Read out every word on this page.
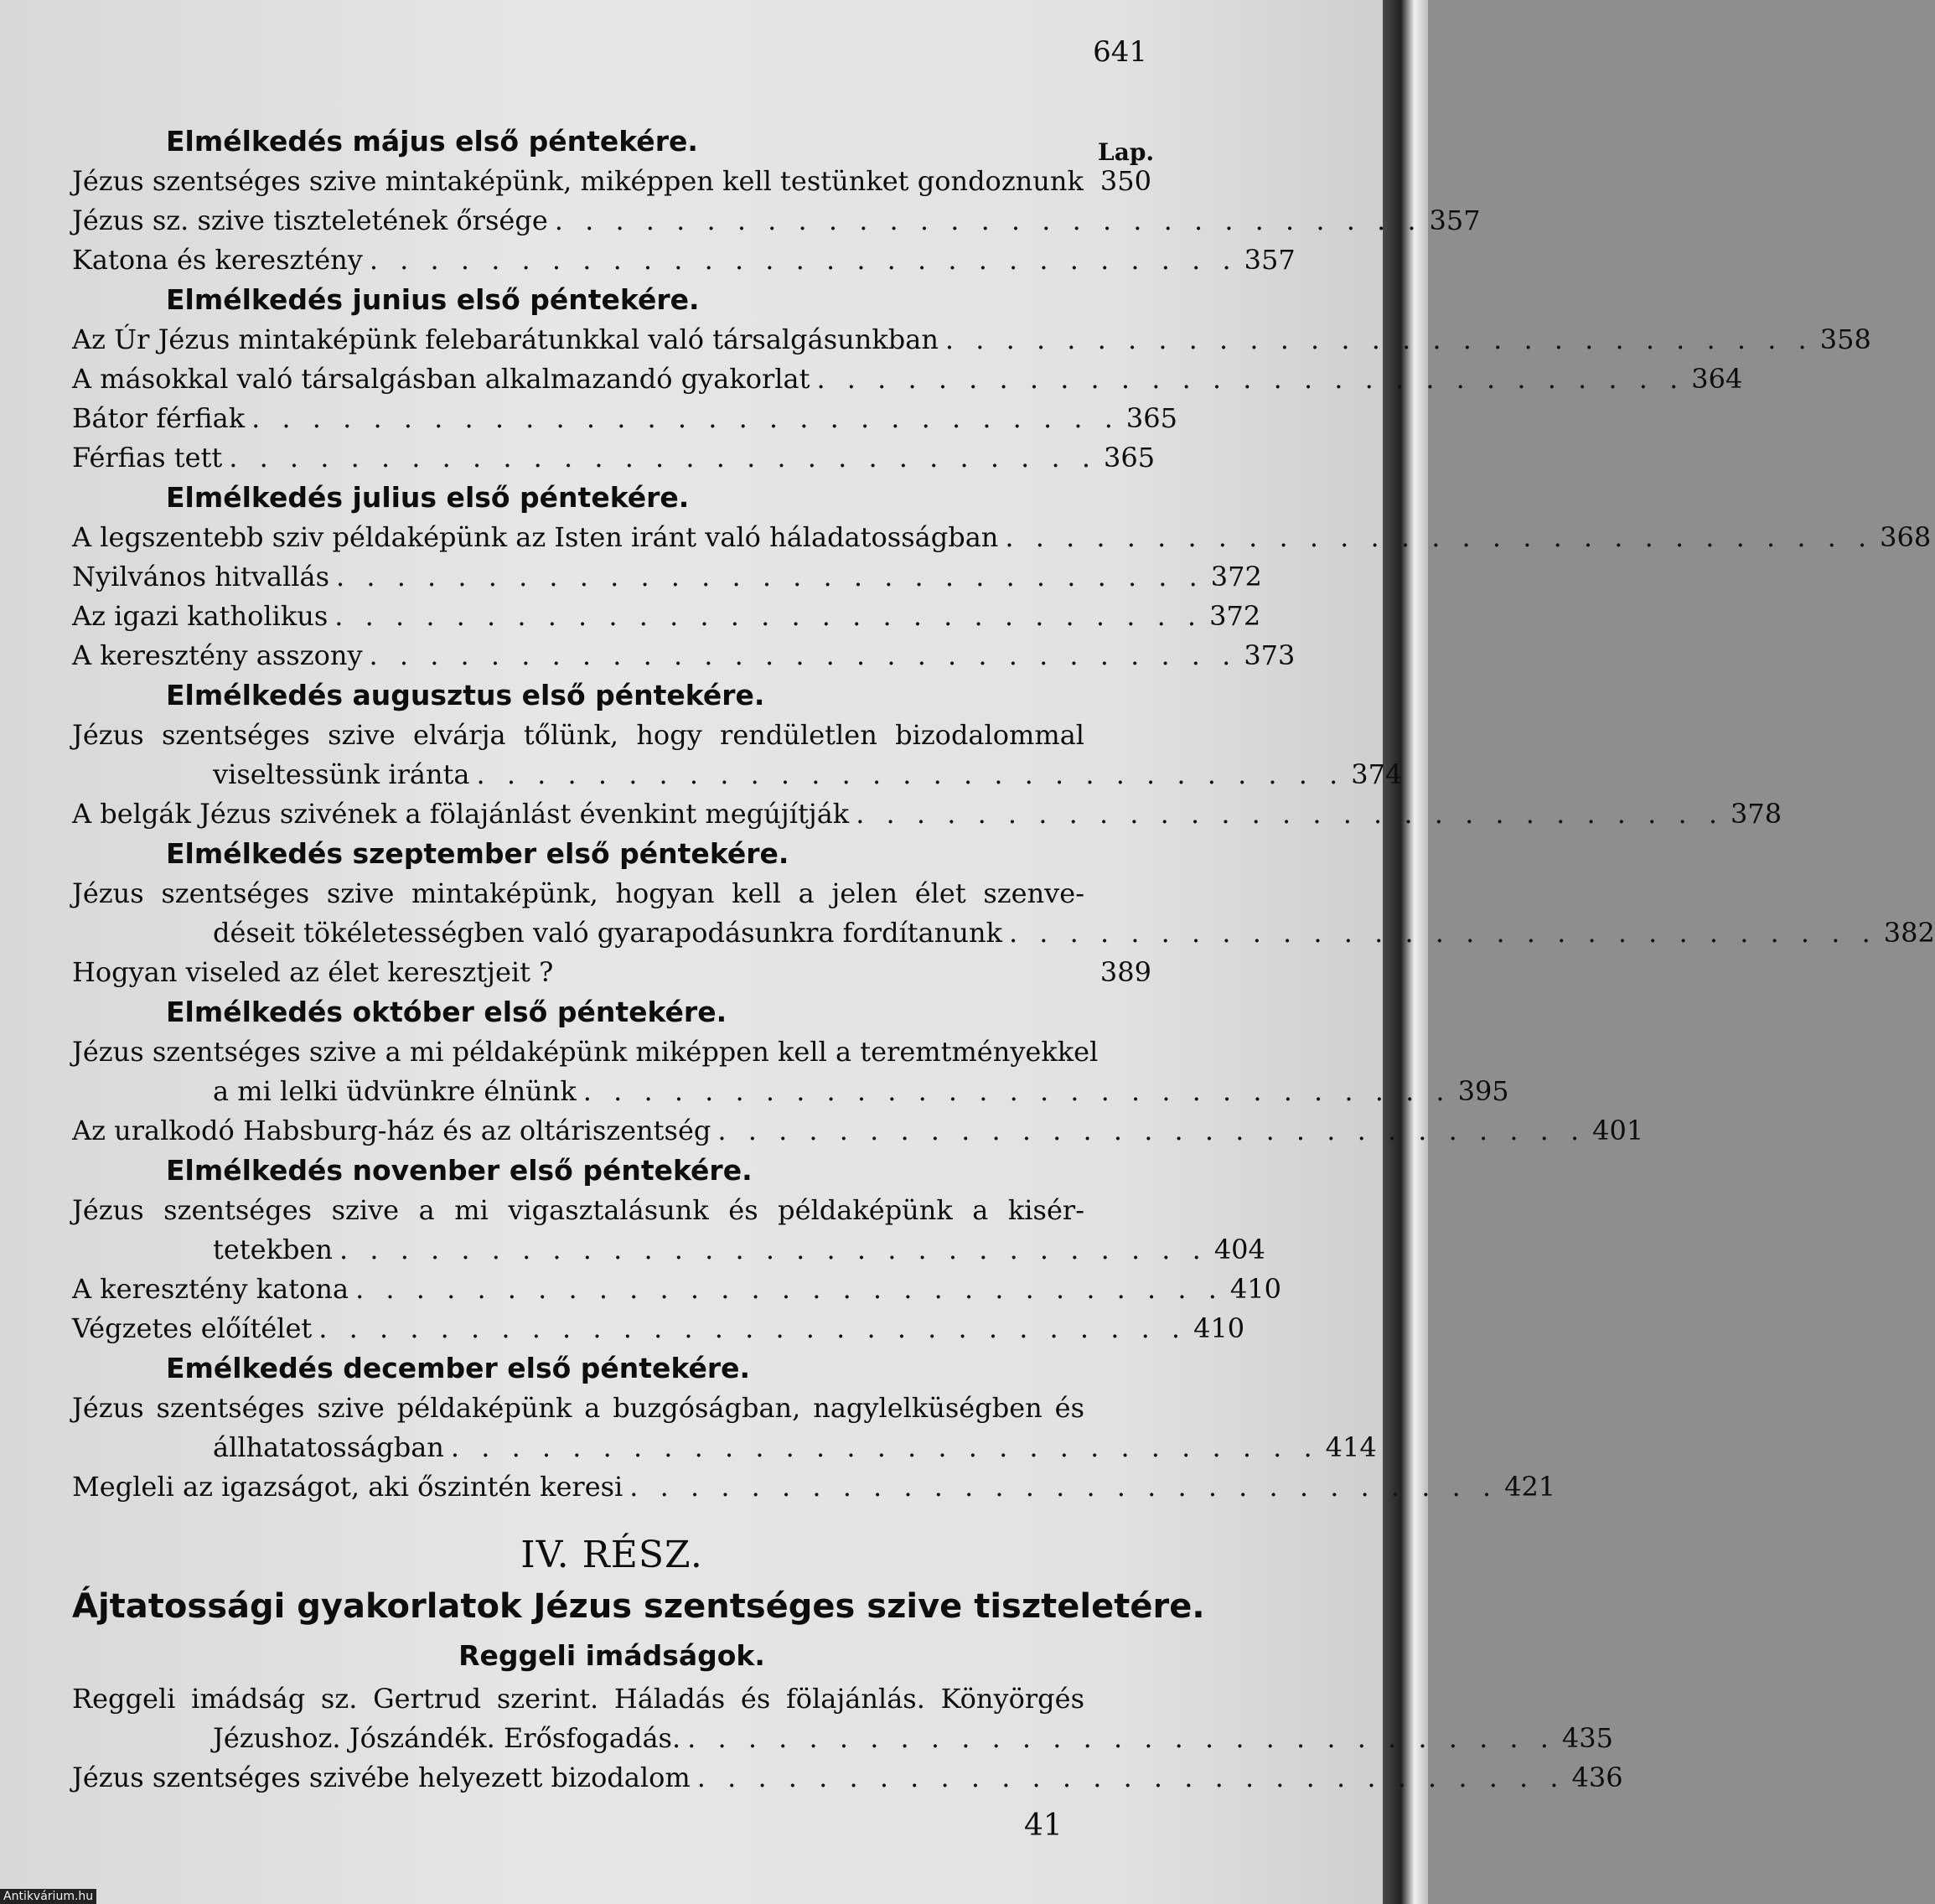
641
Lap.
Elmélkedés május első péntekére.
Jézus szentséges szive mintaképünk, miképpen kell testünket gondoznunk 350
Jézus sz. szive tiszteletének őrsége . . . . . . . . . . . . . . . . . . . . . . . . . . . . . 357
Katona és keresztény . . . . . . . . . . . . . . . . . . . . . . . . . . . . . 357
Elmélkedés junius első péntekére.
Az Úr Jézus mintaképünk felebarátunkkal való társalgásunkban . . . . . . . . . . . . . . . . . . . . . . . . . . . . . 358
A másokkal való társalgásban alkalmazandó gyakorlat . . . . . . . . . . . . . . . . . . . . . . . . . . . . . 364
Bátor férfiak . . . . . . . . . . . . . . . . . . . . . . . . . . . . . 365
Férfias tett . . . . . . . . . . . . . . . . . . . . . . . . . . . . . 365
Elmélkedés julius első péntekére.
A legszentebb sziv példaképünk az Isten iránt való háladatosságban . . . . . . . . . . . . . . . . . . . . . . . . . . . . . 368
Nyilvános hitvallás . . . . . . . . . . . . . . . . . . . . . . . . . . . . . 372
Az igazi katholikus . . . . . . . . . . . . . . . . . . . . . . . . . . . . . 372
A keresztény asszony . . . . . . . . . . . . . . . . . . . . . . . . . . . . . 373
Elmélkedés augusztus első péntekére.
Jézus szentséges szive elvárja tőlünk, hogy rendületlen bizodalommal
viseltessünk iránta . . . . . . . . . . . . . . . . . . . . . . . . . . . . . 374
A belgák Jézus szivének a fölajánlást évenkint megújítják . . . . . . . . . . . . . . . . . . . . . . . . . . . . . 378
Elmélkedés szeptember első péntekére.
Jézus szentséges szive mintaképünk, hogyan kell a jelen élet szenve-
déseit tökéletességben való gyarapodásunkra fordítanunk . . . . . . . . . . . . . . . . . . . . . . . . . . . . . 382
Hogyan viseled az élet keresztjeit ?	389
Elmélkedés október első péntekére.
Jézus szentséges szive a mi példaképünk miképpen kell a teremtményekkel
a mi lelki üdvünkre élnünk . . . . . . . . . . . . . . . . . . . . . . . . . . . . . 395
Az uralkodó Habsburg-ház és az oltáriszentség . . . . . . . . . . . . . . . . . . . . . . . . . . . . . 401
Elmélkedés novenber első péntekére.
Jézus szentséges szive a mi vigasztalásunk és példaképünk a kisér-
tetekben . . . . . . . . . . . . . . . . . . . . . . . . . . . . . 404
A keresztény katona . . . . . . . . . . . . . . . . . . . . . . . . . . . . . 410
Végzetes előítélet . . . . . . . . . . . . . . . . . . . . . . . . . . . . . 410
Emélkedés december első péntekére.
Jézus szentséges szive példaképünk a buzgóságban, nagylelküségben és
állhatatosságban . . . . . . . . . . . . . . . . . . . . . . . . . . . . . 414
Megleli az igazságot, aki őszintén keresi . . . . . . . . . . . . . . . . . . . . . . . . . . . . . 421
IV. RÉSZ.
Ájtatossági gyakorlatok Jézus szentséges szive tiszteletére.
Reggeli imádságok.
Reggeli imádság sz. Gertrud szerint. Háladás és fölajánlás. Könyörgés
Jézushoz. Jószándék. Erősfogadás. . . . . . . . . . . . . . . . . . . . . . . . . . . . . . 435
Jézus szentséges szivébe helyezett bizodalom . . . . . . . . . . . . . . . . . . . . . . . . . . . . . 436
41
Antikvárium.hu
